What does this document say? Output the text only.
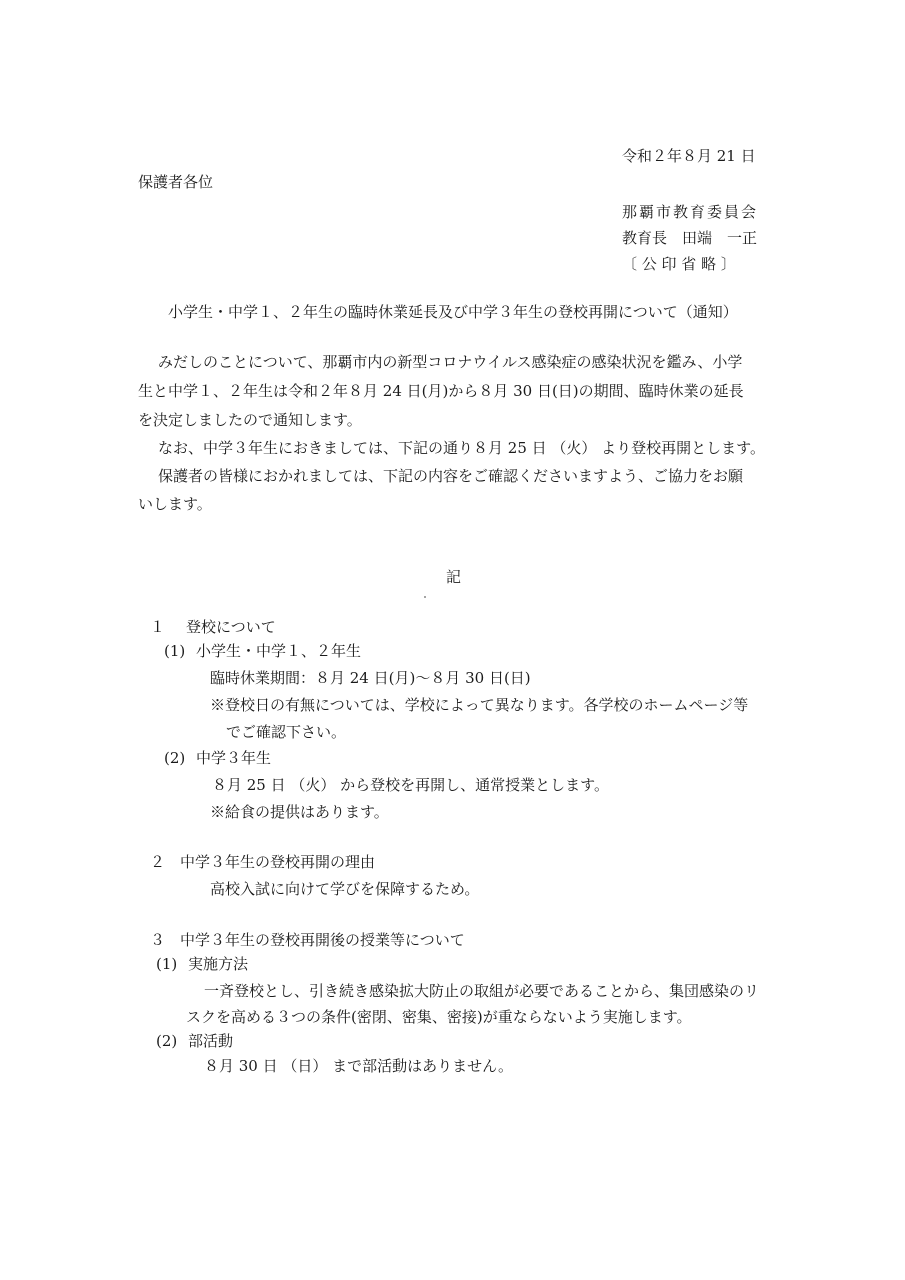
令和２年８月 21 日
保護者各位
那覇市教育委員会
教育長　田端　一正
〔 公 印 省 略 〕
小学生・中学１、２年生の臨時休業延長及び中学３年生の登校再開について（通知）
みだしのことについて、那覇市内の新型コロナウイルス感染症の感染状況を鑑み、小学
生と中学１、２年生は令和２年８月 24 日(月)から８月 30 日(日)の期間、臨時休業の延長
を決定しましたので通知します。
なお、中学３年生におきましては、下記の通り８月 25 日 （火） より登校再開とします。
保護者の皆様におかれましては、下記の内容をご確認くださいますよう、ご協力をお願
いします。
記
１ 登校について
(1) 小学生・中学１、２年生
臨時休業期間：８月 24 日(月)～８月 30 日(日)
※登校日の有無については、学校によって異なります。各学校のホームページ等
でご確認下さい。
(2) 中学３年生
８月 25 日 （火） から登校を再開し、通常授業とします。
※給食の提供はあります。
２ 中学３年生の登校再開の理由
高校入試に向けて学びを保障するため。
３ 中学３年生の登校再開後の授業等について
(1) 実施方法
一斉登校とし、引き続き感染拡大防止の取組が必要であることから、集団感染のリ
スクを高める３つの条件(密閉、密集、密接)が重ならないよう実施します。
(2) 部活動
８月 30 日 （日） まで部活動はありません。
